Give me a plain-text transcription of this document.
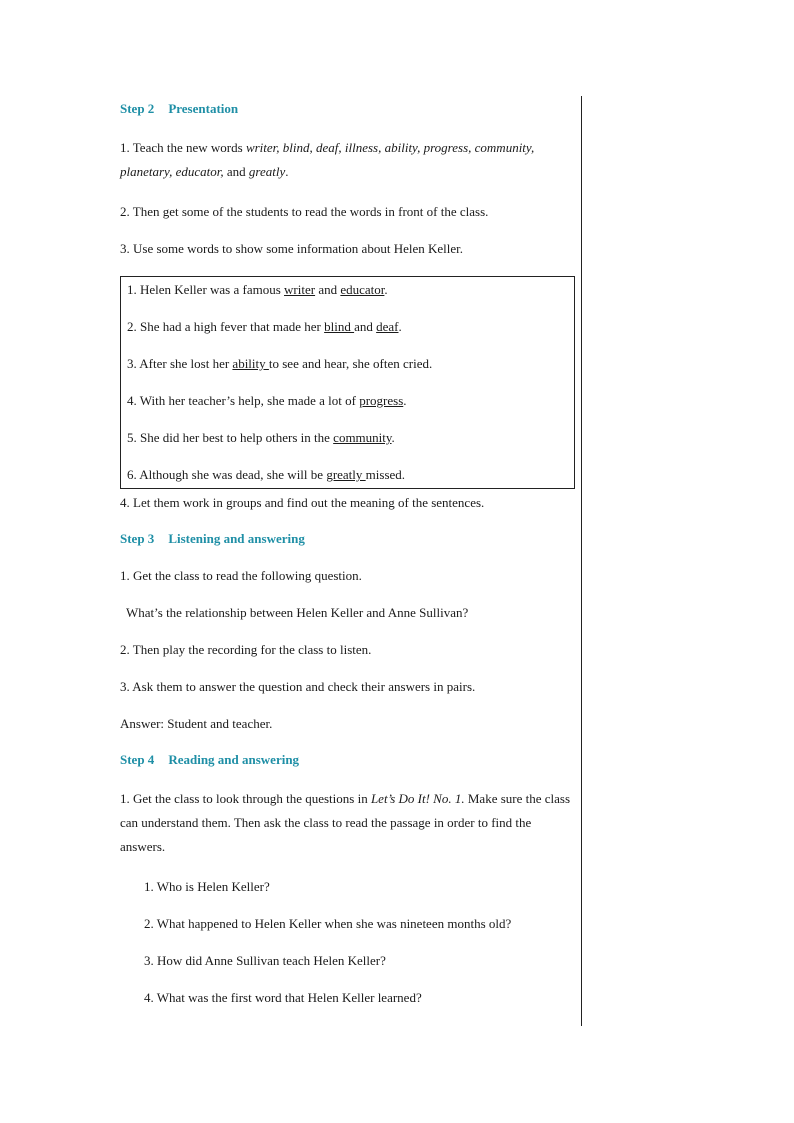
Step 2 Presentation

1. Teach the new words writer, blind, deaf, illness, ability, progress, community, planetary, educator, and greatly.

2. Then get some of the students to read the words in front of the class.

3. Use some words to show some information about Helen Keller.

1. Helen Keller was a famous writer and educator.

2. She had a high fever that made her blind and deaf.

3. After she lost her ability to see and hear, she often cried.

4. With her teacher’s help, she made a lot of progress.

5. She did her best to help others in the community.

6. Although she was dead, she will be greatly missed.

4. Let them work in groups and find out the meaning of the sentences.

Step 3 Listening and answering

1. Get the class to read the following question.

What’s the relationship between Helen Keller and Anne Sullivan?

2. Then play the recording for the class to listen.

3. Ask them to answer the question and check their answers in pairs.

Answer: Student and teacher.

Step 4 Reading and answering

1. Get the class to look through the questions in Let’s Do It! No. 1. Make sure the class can understand them. Then ask the class to read the passage in order to find the answers.

1. Who is Helen Keller?

2. What happened to Helen Keller when she was nineteen months old?

3. How did Anne Sullivan teach Helen Keller?

4. What was the first word that Helen Keller learned?
